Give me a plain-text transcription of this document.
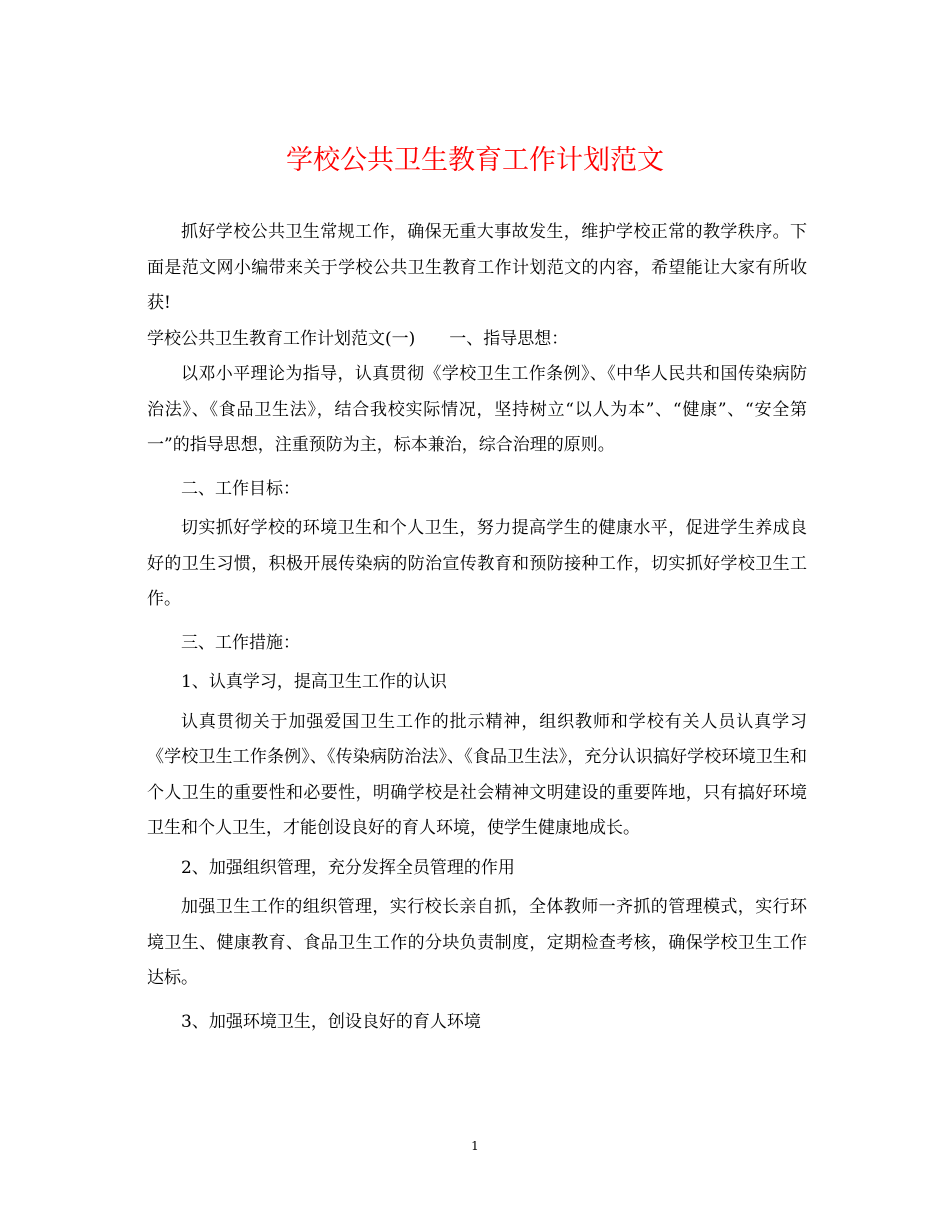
学校公共卫生教育工作计划范文

抓好学校公共卫生常规工作，确保无重大事故发生，维护学校正常的教学秩序。下面是范文网小编带来关于学校公共卫生教育工作计划范文的内容，希望能让大家有所收获!

学校公共卫生教育工作计划范文(一)　　一、指导思想：

以邓小平理论为指导，认真贯彻《学校卫生工作条例》、《中华人民共和国传染病防治法》、《食品卫生法》，结合我校实际情况，坚持树立“以人为本”、“健康”、“安全第一”的指导思想，注重预防为主，标本兼治，综合治理的原则。

二、工作目标：

切实抓好学校的环境卫生和个人卫生，努力提高学生的健康水平，促进学生养成良好的卫生习惯，积极开展传染病的防治宣传教育和预防接种工作，切实抓好学校卫生工作。

三、工作措施：

1、认真学习，提高卫生工作的认识

认真贯彻关于加强爱国卫生工作的批示精神，组织教师和学校有关人员认真学习《学校卫生工作条例》、《传染病防治法》、《食品卫生法》，充分认识搞好学校环境卫生和个人卫生的重要性和必要性，明确学校是社会精神文明建设的重要阵地，只有搞好环境卫生和个人卫生，才能创设良好的育人环境，使学生健康地成长。

2、加强组织管理，充分发挥全员管理的作用

加强卫生工作的组织管理，实行校长亲自抓，全体教师一齐抓的管理模式，实行环境卫生、健康教育、食品卫生工作的分块负责制度，定期检查考核，确保学校卫生工作达标。

3、加强环境卫生，创设良好的育人环境

1
